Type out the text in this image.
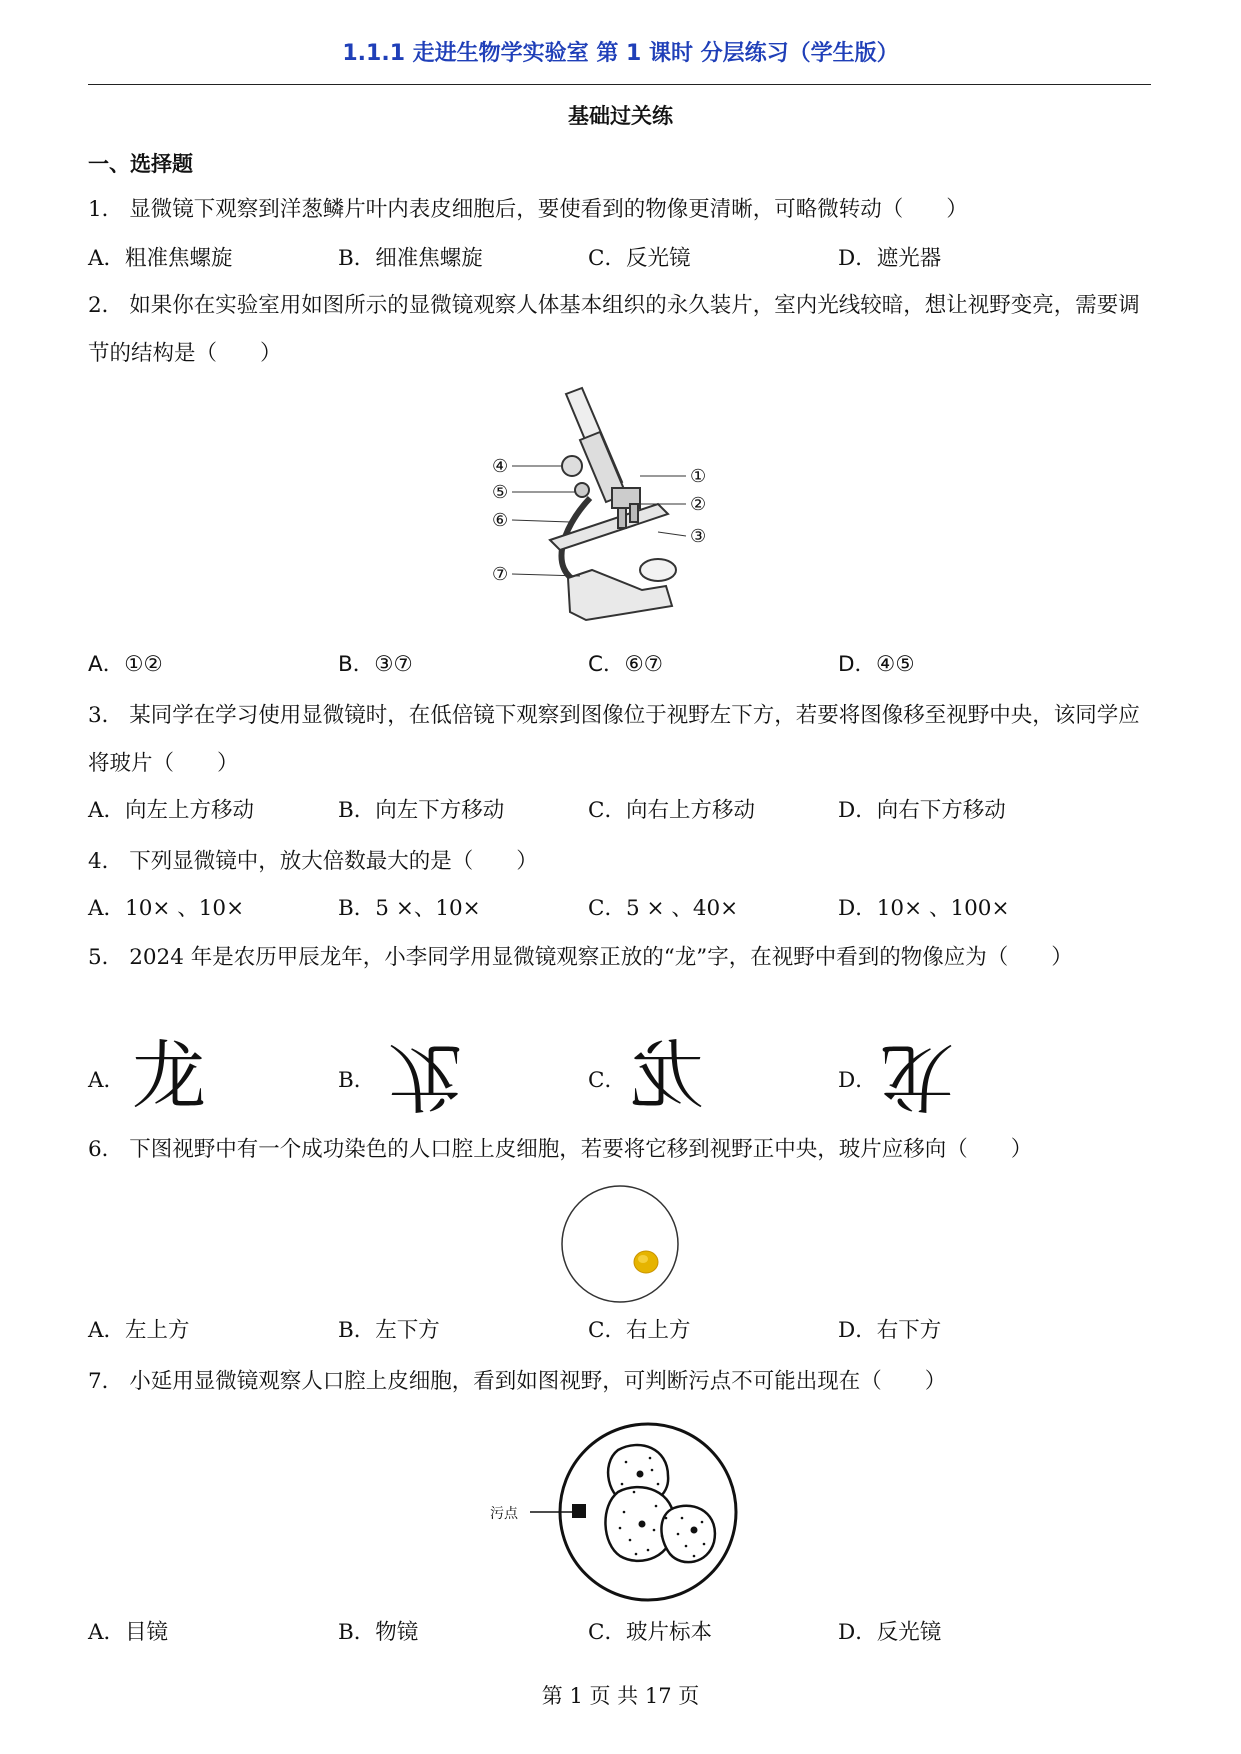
1.1.1 走进生物学实验室 第 1 课时 分层练习（学生版）
基础过关练
一、选择题
1． 显微镜下观察到洋葱鳞片叶内表皮细胞后，要使看到的物像更清晰，可略微转动（　　）
A．粗准焦螺旋	B．细准焦螺旋	C．反光镜	D．遮光器
2． 如果你在实验室用如图所示的显微镜观察人体基本组织的永久装片，室内光线较暗，想让视野变亮，需要调节的结构是（　　）
④
⑤
⑥
⑦
①
②
③
A．①②	B．③⑦	C．⑥⑦	D．④⑤
3． 某同学在学习使用显微镜时，在低倍镜下观察到图像位于视野左下方，若要将图像移至视野中央，该同学应将玻片（　　）
A．向左上方移动	B．向左下方移动	C．向右上方移动	D．向右下方移动
4． 下列显微镜中，放大倍数最大的是（　　）
A．10× 、10×	B．5 ×、10×	C．5 × 、40×	D．10× 、100×
5． 2024 年是农历甲辰龙年，小李同学用显微镜观察正放的“龙”字，在视野中看到的物像应为（　　）
A．	B．	C．	D．
龙 龙 龙 龙
6． 下图视野中有一个成功染色的人口腔上皮细胞，若要将它移到视野正中央，玻片应移向（　　）
A．左上方	B．左下方	C．右上方	D．右下方
7． 小延用显微镜观察人口腔上皮细胞，看到如图视野，可判断污点不可能出现在（　　）
污点
A．目镜	B．物镜	C．玻片标本	D．反光镜
第 1 页 共 17 页
